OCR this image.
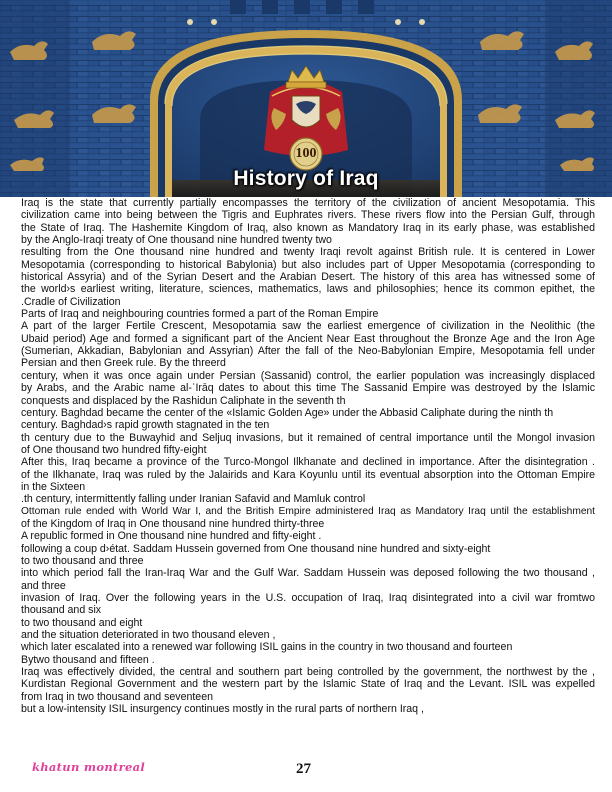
100
History of Iraq
Iraq is the state that currently partially encompasses the territory of the civilization of ancient Mesopotamia. This
civilization came into being between the Tigris and Euphrates rivers. These rivers flow into the Persian Gulf, through
the State of Iraq. The Hashemite Kingdom of Iraq, also known as Mandatory Iraq in its early phase, was established
by the Anglo-Iraqi treaty of One thousand nine hundred twenty two
resulting from the One thousand nine hundred and twenty Iraqi revolt against British rule. It is centered in Lower
Mesopotamia (corresponding to historical Babylonia) but also includes part of Upper Mesopotamia (corresponding to
historical Assyria) and of the Syrian Desert and the Arabian Desert. The history of this area has witnessed some of
the world›s earliest writing, literature, sciences, mathematics, laws and philosophies; hence its common epithet, the
.Cradle of Civilization
Parts of Iraq and neighbouring countries formed a part of the Roman Empire
A part of the larger Fertile Crescent, Mesopotamia saw the earliest emergence of civilization in the Neolithic (the
Ubaid period) Age and formed a significant part of the Ancient Near East throughout the Bronze Age and the Iron Age
(Sumerian, Akkadian, Babylonian and Assyrian) After the fall of the Neo-Babylonian Empire, Mesopotamia fell under
Persian and then Greek rule. By the threerd
century, when it was once again under Persian (Sassanid) control, the earlier population was increasingly displaced
by Arabs, and the Arabic name al-ʿIrāq dates to about this time The Sassanid Empire was destroyed by the Islamic
conquests and displaced by the Rashidun Caliphate in the seventh th
century. Baghdad became the center of the «Islamic Golden Age» under the Abbasid Caliphate during the ninth th
century. Baghdad›s rapid growth stagnated in the ten
th century due to the Buwayhid and Seljuq invasions, but it remained of central importance until the Mongol invasion
of One thousand two hundred fifty-eight
After this, Iraq became a province of the Turco-Mongol Ilkhanate and declined in importance. After the disintegration .
of the Ilkhanate, Iraq was ruled by the Jalairids and Kara Koyunlu until its eventual absorption into the Ottoman Empire
in the Sixteen
.th century, intermittently falling under Iranian Safavid and Mamluk control
Ottoman rule ended with World War I, and the British Empire administered Iraq as Mandatory Iraq until the establishment
of the Kingdom of Iraq in One thousand nine hundred thirty-three
A republic formed in One thousand nine hundred and fifty-eight .
following a coup d›état. Saddam Hussein governed from One thousand nine hundred and sixty-eight
to two thousand and three
into which period fall the Iran-Iraq War and the Gulf War. Saddam Hussein was deposed following the two thousand ,
and three
invasion of Iraq. Over the following years in the U.S. occupation of Iraq, Iraq disintegrated into a civil war fromtwo
thousand and six
to two thousand and eight
and the situation deteriorated in two thousand eleven ,
which later escalated into a renewed war following ISIL gains in the country in two thousand and fourteen
Bytwo thousand and fifteen .
Iraq was effectively divided, the central and southern part being controlled by the government, the northwest by the ,
Kurdistan Regional Government and the western part by the Islamic State of Iraq and the Levant. ISIL was expelled
from Iraq in two thousand and seventeen
but a low-intensity ISIL insurgency continues mostly in the rural parts of northern Iraq ,
khatun montreal	27
